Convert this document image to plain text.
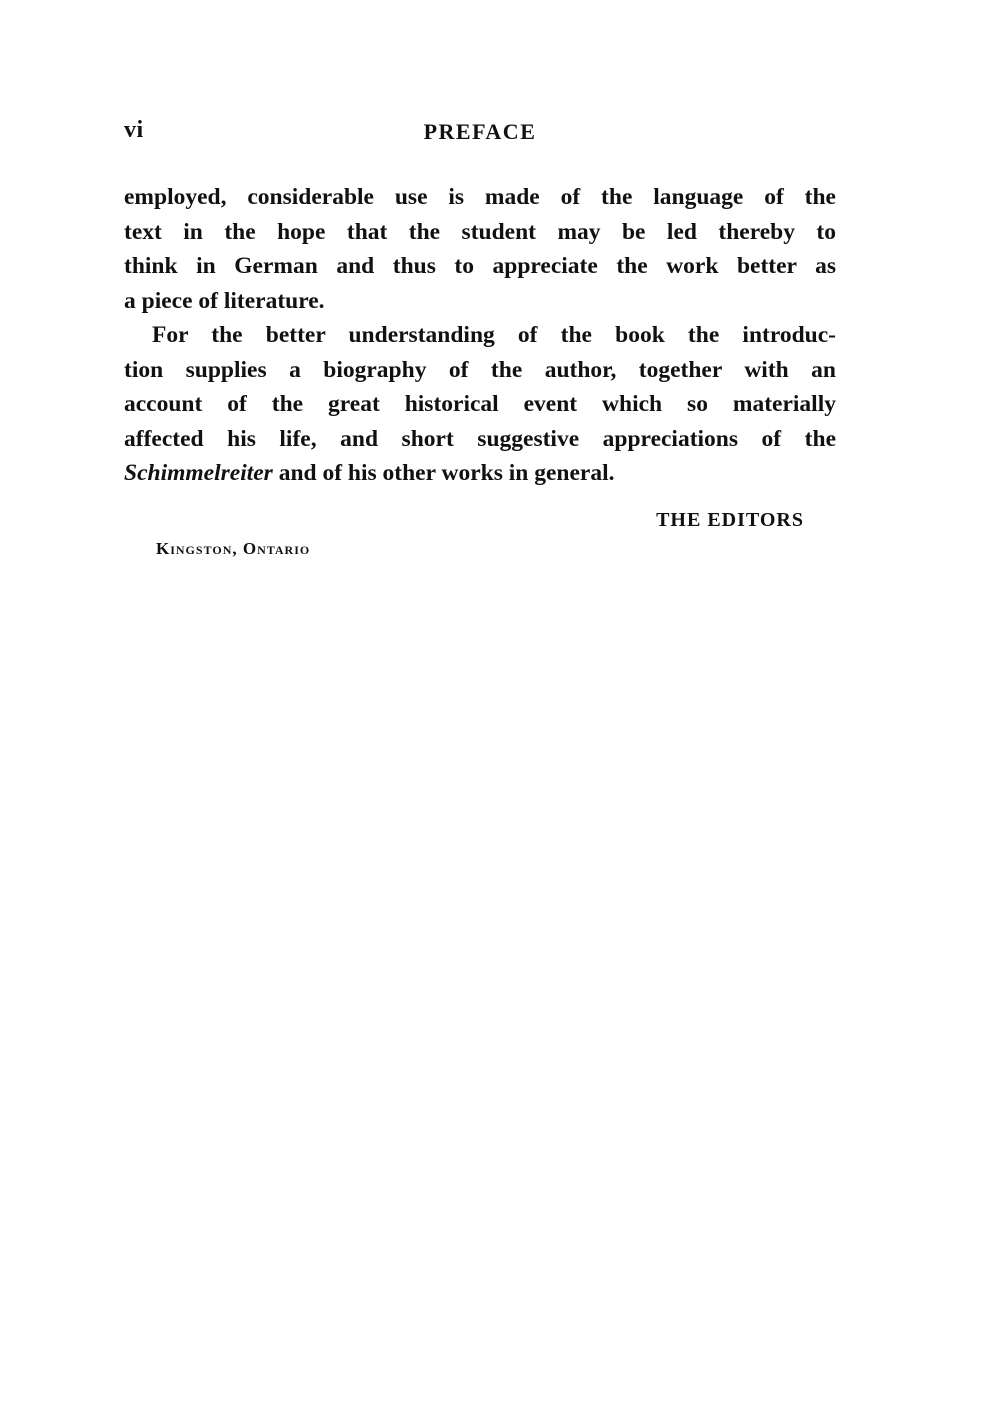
vi	PREFACE
employed, considerable use is made of the language of the
text in the hope that the student may be led thereby to
think in German and thus to appreciate the work better as
a piece of literature.
For the better understanding of the book the introduc-
tion supplies a biography of the author, together with an
account of the great historical event which so materially
affected his life, and short suggestive appreciations of the
Schimmelreiter and of his other works in general.
THE EDITORS
Kingston, Ontario
